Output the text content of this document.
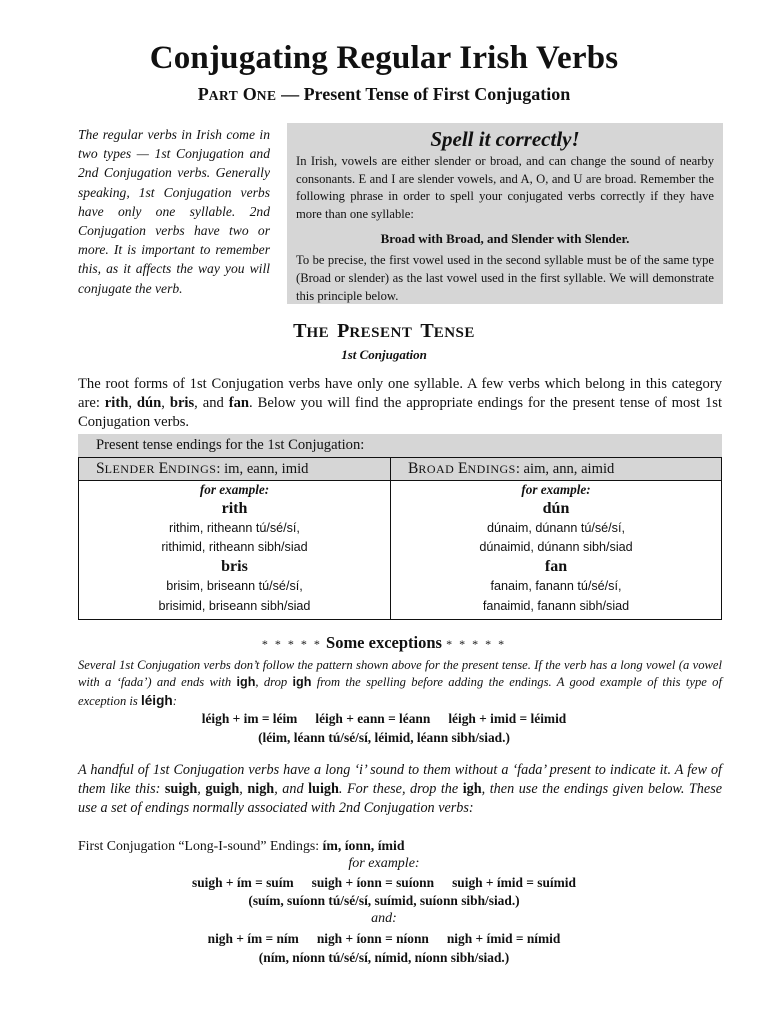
Conjugating Regular Irish Verbs
PART ONE — Present Tense of First Conjugation
The regular verbs in Irish come in two types — 1st Conjugation and 2nd Conjugation verbs. Generally speaking, 1st Conjugation verbs have only one syllable. 2nd Conjugation verbs have two or more. It is important to remember this, as it affects the way you will conjugate the verb.
Spell it correctly!

In Irish, vowels are either slender or broad, and can change the sound of nearby consonants. E and I are slender vowels, and A, O, and U are broad. Remember the following phrase in order to spell your conjugated verbs correctly if they have more than one syllable:

Broad with Broad, and Slender with Slender.

To be precise, the first vowel used in the second syllable must be of the same type (Broad or slender) as the last vowel used in the first syllable. We will demonstrate this principle below.

THE PRESENT TENSE
1st Conjugation
The root forms of 1st Conjugation verbs have only one syllable. A few verbs which belong in this category are: rith, dún, bris, and fan. Below you will find the appropriate endings for the present tense of most 1st Conjugation verbs.
Present tense endings for the 1st Conjugation:
SLENDER ENDINGS: im, eann, imid
for example:
rith
rithim, ritheann tú/sé/sí,
rithimid, ritheann sibh/siad
bris
brisim, briseann tú/sé/sí,
brisimid, briseann sibh/siad
BROAD ENDINGS: aim, ann, aimid
for example:
dún
dúnaim, dúnann tú/sé/sí,
dúnaimid, dúnann sibh/siad
fan
fanaim, fanann tú/sé/sí,
fanaimid, fanann sibh/siad
* * * * * Some exceptions * * * * *
Several 1st Conjugation verbs don’t follow the pattern shown above for the present tense. If the verb has a long vowel (a vowel with a ‘fada’) and ends with igh, drop igh from the spelling before adding the endings. A good example of this type of exception is léigh:
léigh + im = léim léigh + eann = léann léigh + imid = léimid
(léim, léann tú/sé/sí, léimid, léann sibh/siad.)
A handful of 1st Conjugation verbs have a long ‘i’ sound to them without a ‘fada’ present to indicate it. A few of them like this: suigh, guigh, nigh, and luigh. For these, drop the igh, then use the endings given below. These use a set of endings normally associated with 2nd Conjugation verbs:
First Conjugation “Long-I-sound” Endings: ím, íonn, ímid
for example:
suigh + ím = suím suigh + íonn = suíonn suigh + ímid = suímid
(suím, suíonn tú/sé/sí, suímid, suíonn sibh/siad.)
and:
nigh + ím = ním nigh + íonn = níonn nigh + ímid = nímid
(ním, níonn tú/sé/sí, nímid, níonn sibh/siad.)
